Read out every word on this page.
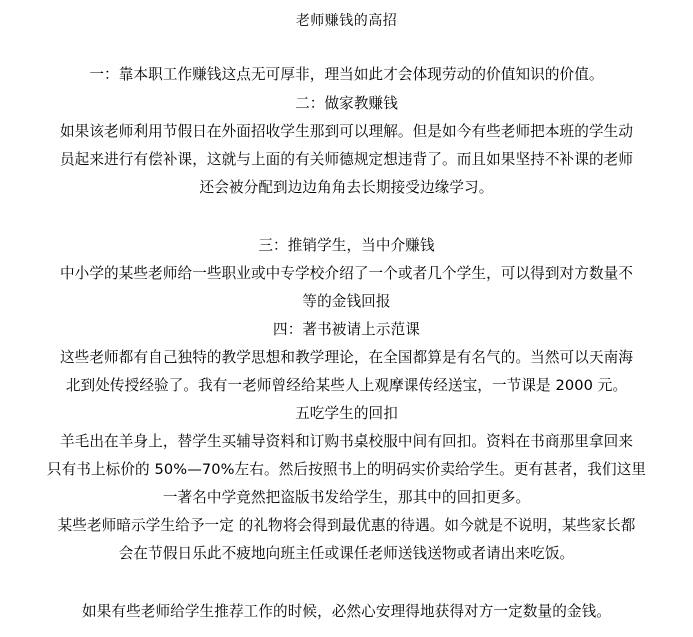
老师赚钱的高招
一：靠本职工作赚钱这点无可厚非，理当如此才会体现劳动的价值知识的价值。
二：做家教赚钱
如果该老师利用节假日在外面招收学生那到可以理解。但是如今有些老师把本班的学生动
员起来进行有偿补课，这就与上面的有关师德规定想违背了。而且如果坚持不补课的老师
还会被分配到边边角角去长期接受边缘学习。
三：推销学生，当中介赚钱
中小学的某些老师给一些职业或中专学校介绍了一个或者几个学生，可以得到对方数量不
等的金钱回报
四：著书被请上示范课
这些老师都有自己独特的教学思想和教学理论，在全国都算是有名气的。当然可以天南海
北到处传授经验了。我有一老师曾经给某些人上观摩课传经送宝，一节课是 2000 元。
五吃学生的回扣
羊毛出在羊身上，替学生买辅导资料和订购书桌校服中间有回扣。资料在书商那里拿回来
只有书上标价的 50%—70%左右。然后按照书上的明码实价卖给学生。更有甚者，我们这里
一著名中学竟然把盗版书发给学生，那其中的回扣更多。
某些老师暗示学生给予一定 的礼物将会得到最优惠的待遇。如今就是不说明，某些家长都
会在节假日乐此不疲地向班主任或课任老师送钱送物或者请出来吃饭。
如果有些老师给学生推荐工作的时候，必然心安理得地获得对方一定数量的金钱。
